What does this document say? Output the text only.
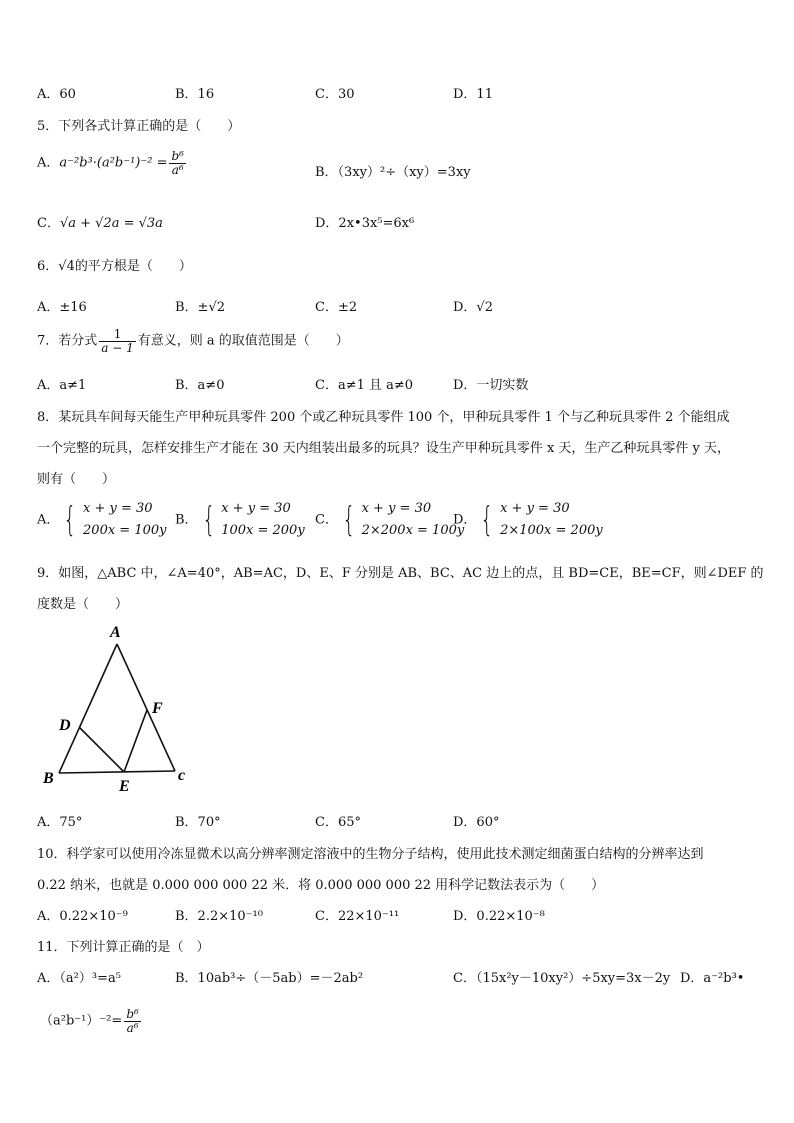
A．60	B．16	C．30	D．11
5．下列各式计算正确的是（　　）
A．$a^{-2}b^3\cdot(a^2b^{-1})^{-2} = \frac{\text{b⁶}}{\text{a⁶}}$	B．（3xy）²÷（xy）=3xy
C．√a + √2a = √3a	D．2x•3x⁵=6x⁶
6．√4的平方根是（　　）
A．±16	B．±√2	C．±2	D．√2
7．若分式 $\frac{1}{a - 1}$ 有意义，则 a 的取值范围是（　　）
A．a≠1	B．a≠0	C．a≠1 且 a≠0	D．一切实数
8．某玩具车间每天能生产甲种玩具零件 200 个或乙种玩具零件 100 个，甲种玩具零件 1 个与乙种玩具零件 2 个能组成
一个完整的玩具，怎样安排生产才能在 30 天内组装出最多的玩具？设生产甲种玩具零件 x 天，生产乙种玩具零件 y 天，
则有（　　）
A． { x + y = 30
200x = 100y
B． { x + y = 30
100x = 200y
C． { x + y = 30
2×200x = 100y
D． { x + y = 30
2×100x = 200y
9．如图，△ABC 中，∠A=40°，AB=AC，D、E、F 分别是 AB、BC、AC 边上的点，且 BD=CE，BE=CF，则∠DEF 的
度数是（　　）
A
B	c
D
E
F
A．75°	B．70°	C．65°	D．60°
10．科学家可以使用冷冻显微术以高分辨率测定溶液中的生物分子结构，使用此技术测定细菌蛋白结构的分辨率达到
0.22 纳米，也就是 0.000 000 000 22 米．将 0.000 000 000 22 用科学记数法表示为（　　）
A．0.22×10⁻⁹	B．2.2×10⁻¹⁰	C．22×10⁻¹¹	D．0.22×10⁻⁸
11．下列计算正确的是（　）
A．（a²）³=a⁵	B．10ab³÷（－5ab）=－2ab²	C．（15x²y－10xy²）÷5xy=3x－2y D．a⁻²b³•
$(a^2b^{-1})^{-2}= \frac{\text{b⁶}}{\text{a⁶}}$
